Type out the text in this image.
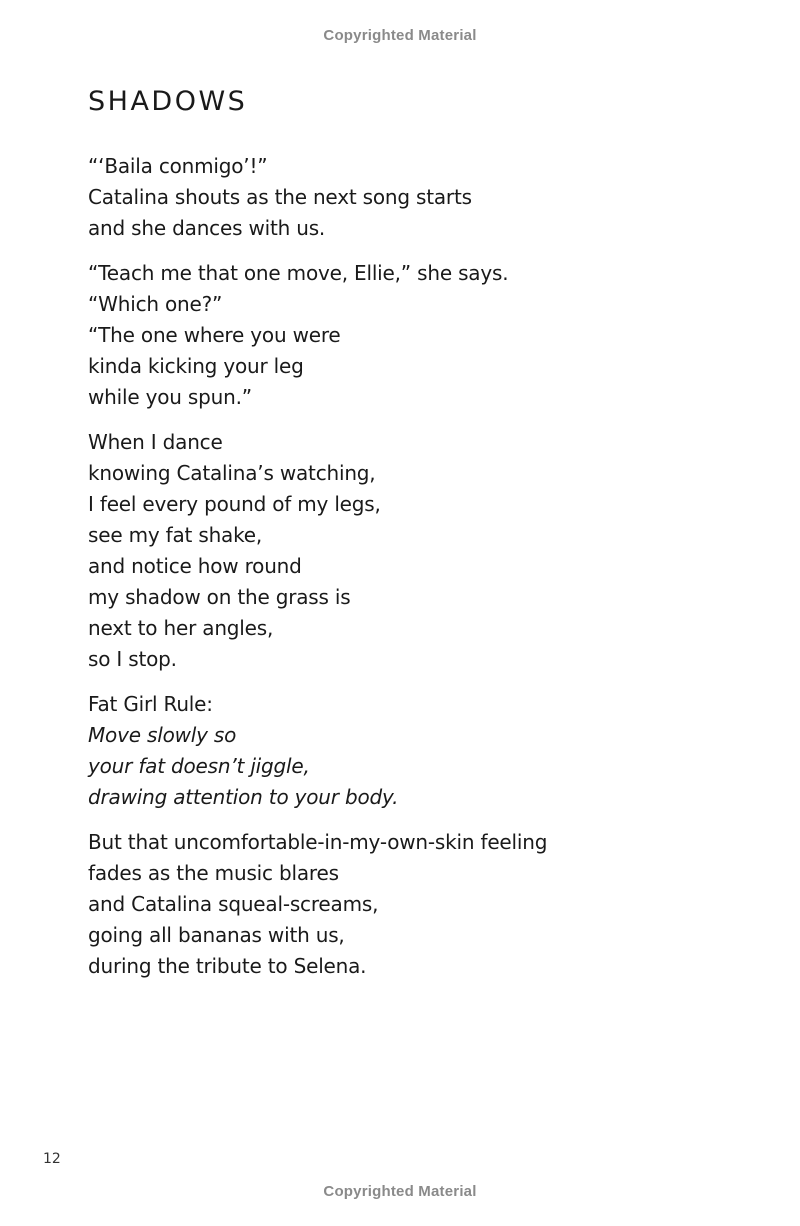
Copyrighted Material
SHADOWS
“‘Baila conmigo’!”
Catalina shouts as the next song starts
and she dances with us.
“Teach me that one move, Ellie,” she says.
“Which one?”
“The one where you were
kinda kicking your leg
while you spun.”
When I dance
knowing Catalina’s watching,
I feel every pound of my legs,
see my fat shake,
and notice how round
my shadow on the grass is
next to her angles,
so I stop.
Fat Girl Rule:
Move slowly so
your fat doesn’t jiggle,
drawing attention to your body.
But that uncomfortable-in-my-own-skin feeling
fades as the music blares
and Catalina squeal-screams,
going all bananas with us,
during the tribute to Selena.
12
Copyrighted Material
